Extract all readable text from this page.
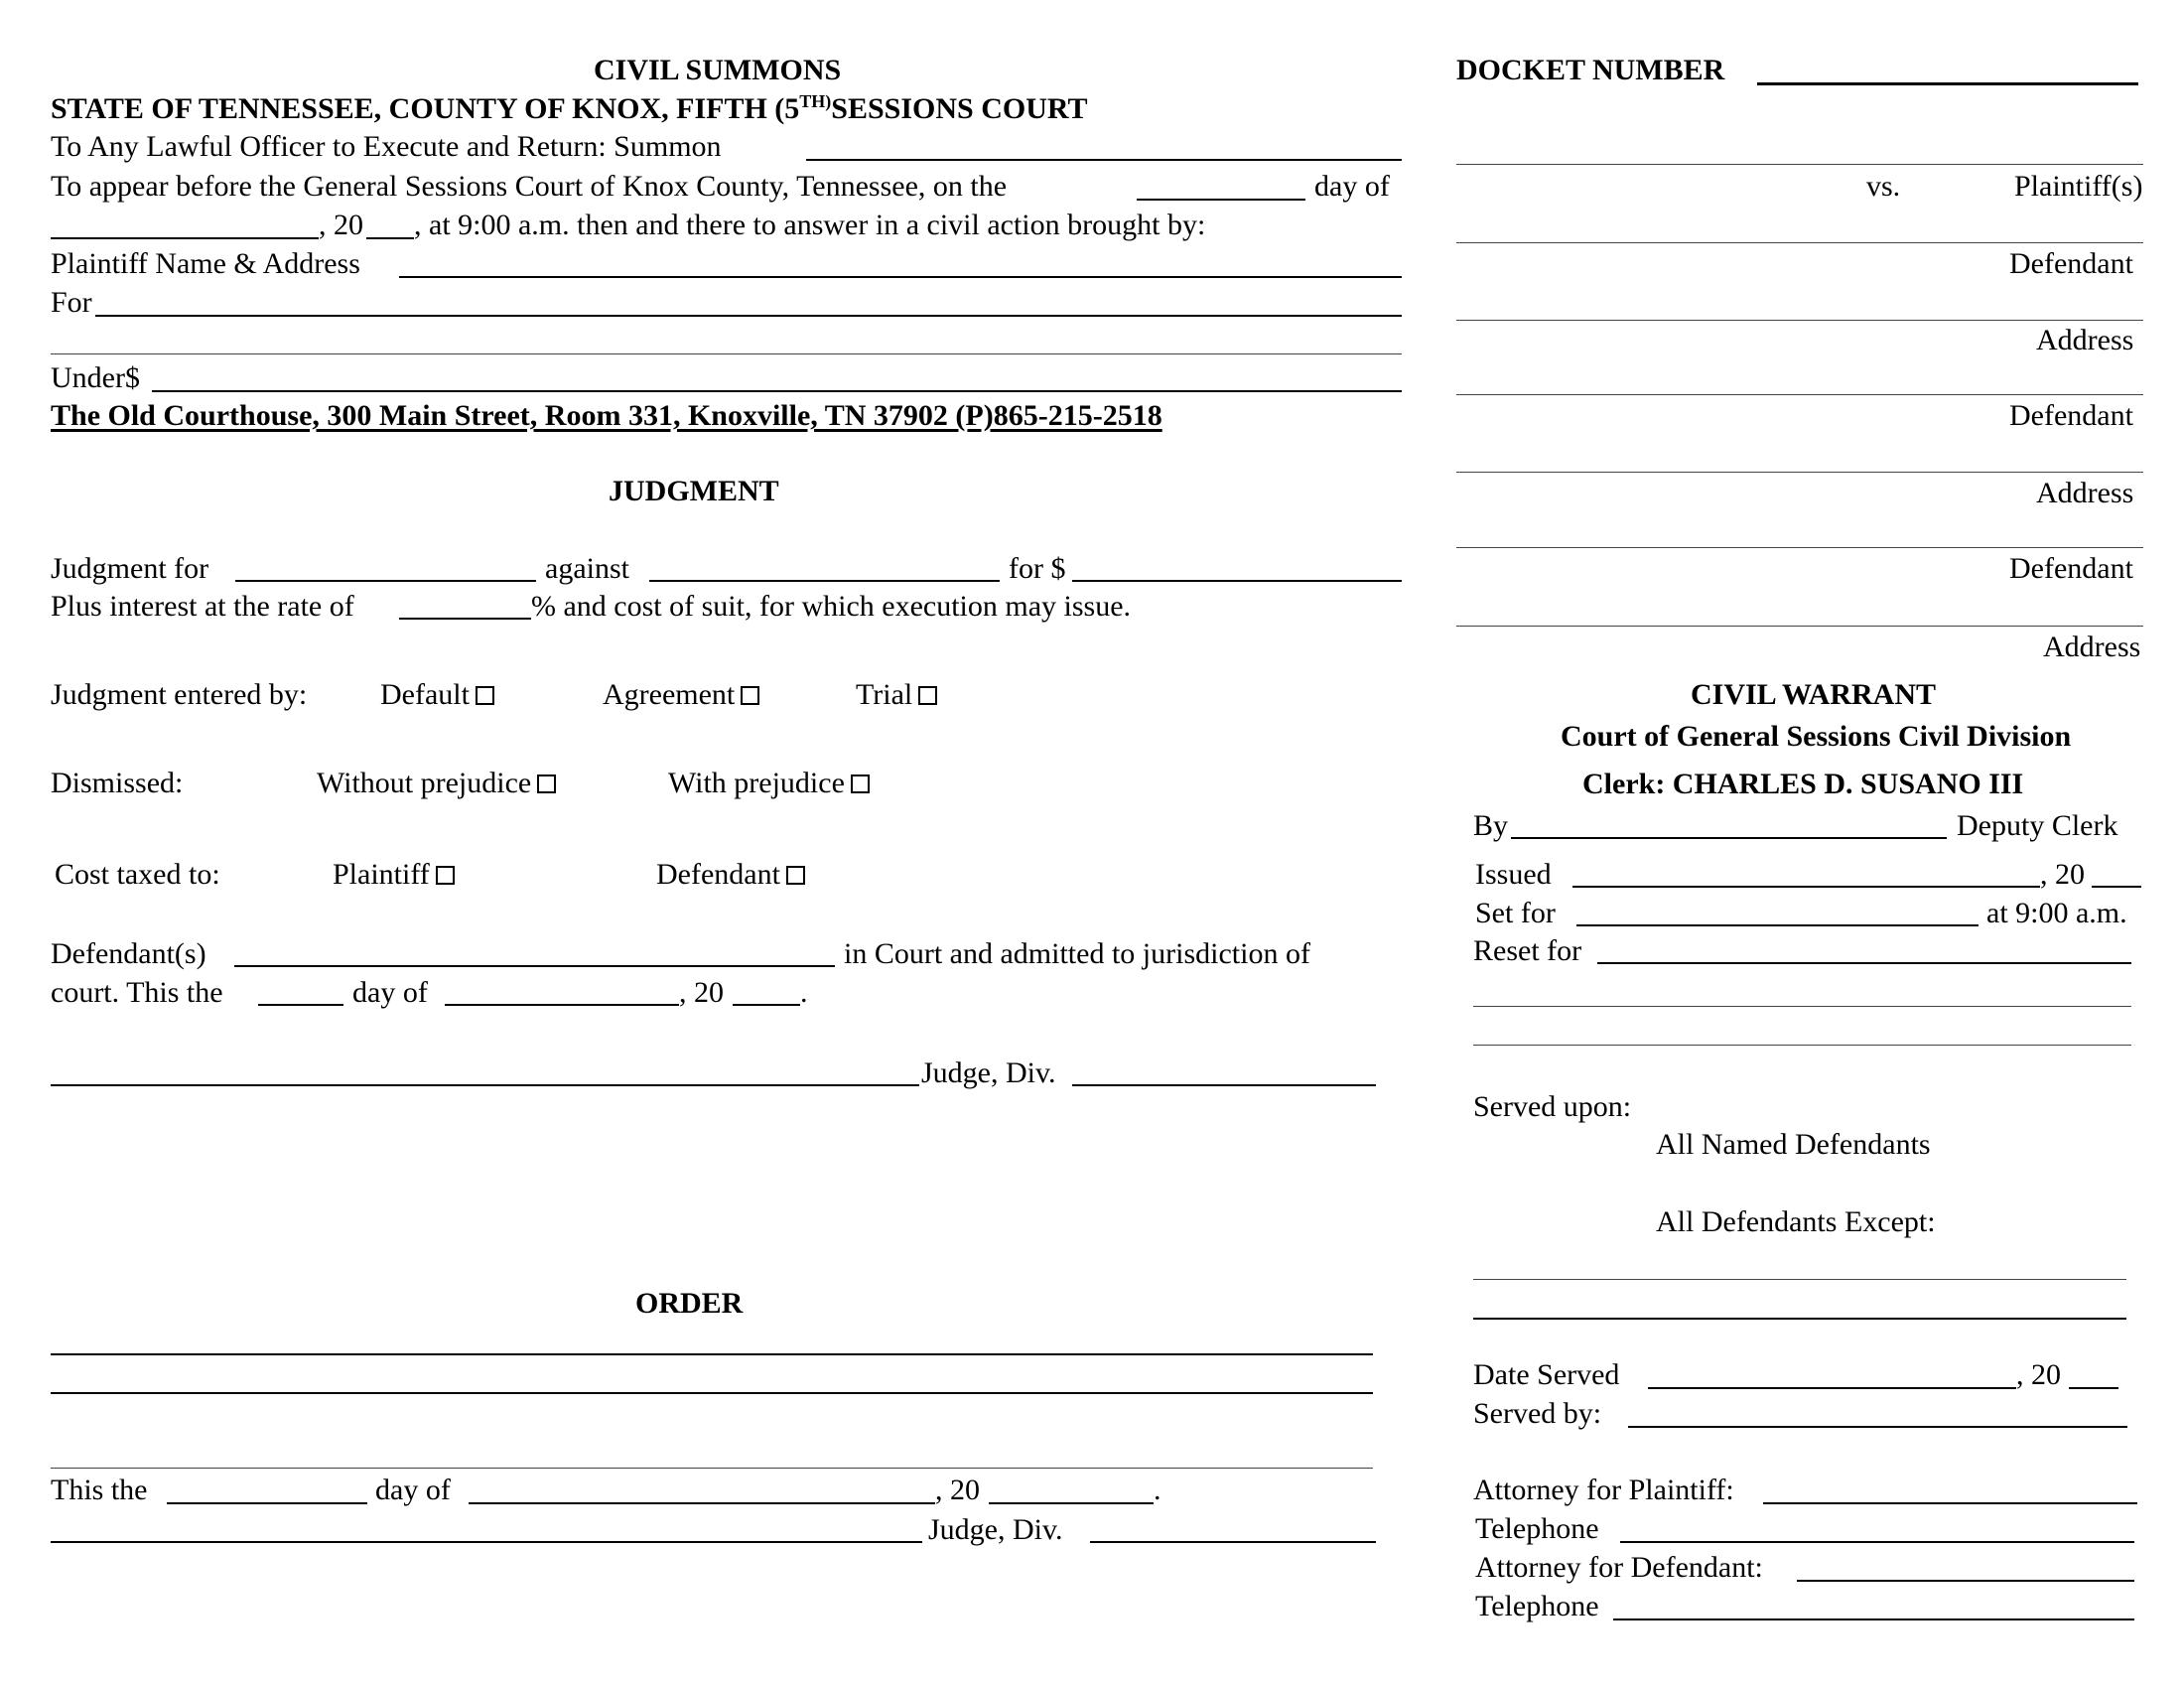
CIVIL SUMMONS
STATE OF TENNESSEE, COUNTY OF KNOX, FIFTH ($5^{TH)}SESSIONS$ COURT
To Any Lawful Officer to Execute and Return: Summon
To appear before the General Sessions Court of Knox County, Tennessee, on the	day of
, 20 , at 9:00 a.m. then and there to answer in a civil action brought by:
Plaintiff Name & Address
For
Under$
The Old Courthouse, 300 Main Street, Room 331, Knoxville, TN 37902 (P)865-215-2518
JUDGMENT
Judgment for	against	for $
Plus interest at the rate of	% and cost of suit, for which execution may issue.
Judgment entered by: Default	Agreement	Trial
Dismissed:	Without prejudice	With prejudice
Cost taxed to:	Plaintiff	Defendant
Defendant(s)	in Court and admitted to jurisdiction of
court. This the	day of	, 20	.
Judge, Div.
ORDER
This the	day of	, 20	.
Judge, Div.
DOCKET NUMBER
vs.	Plaintiff(s)
Defendant
Address
Defendant
Address
Defendant
Address
CIVIL WARRANT
Court of General Sessions Civil Division
Clerk: CHARLES D. SUSANO III
By	Deputy Clerk
Issued	, 20
Set for	at 9:00 a.m.
Reset for
Served upon:
All Named Defendants
All Defendants Except:
Date Served	, 20
Served by:
Attorney for Plaintiff:
Telephone
Attorney for Defendant:
Telephone
